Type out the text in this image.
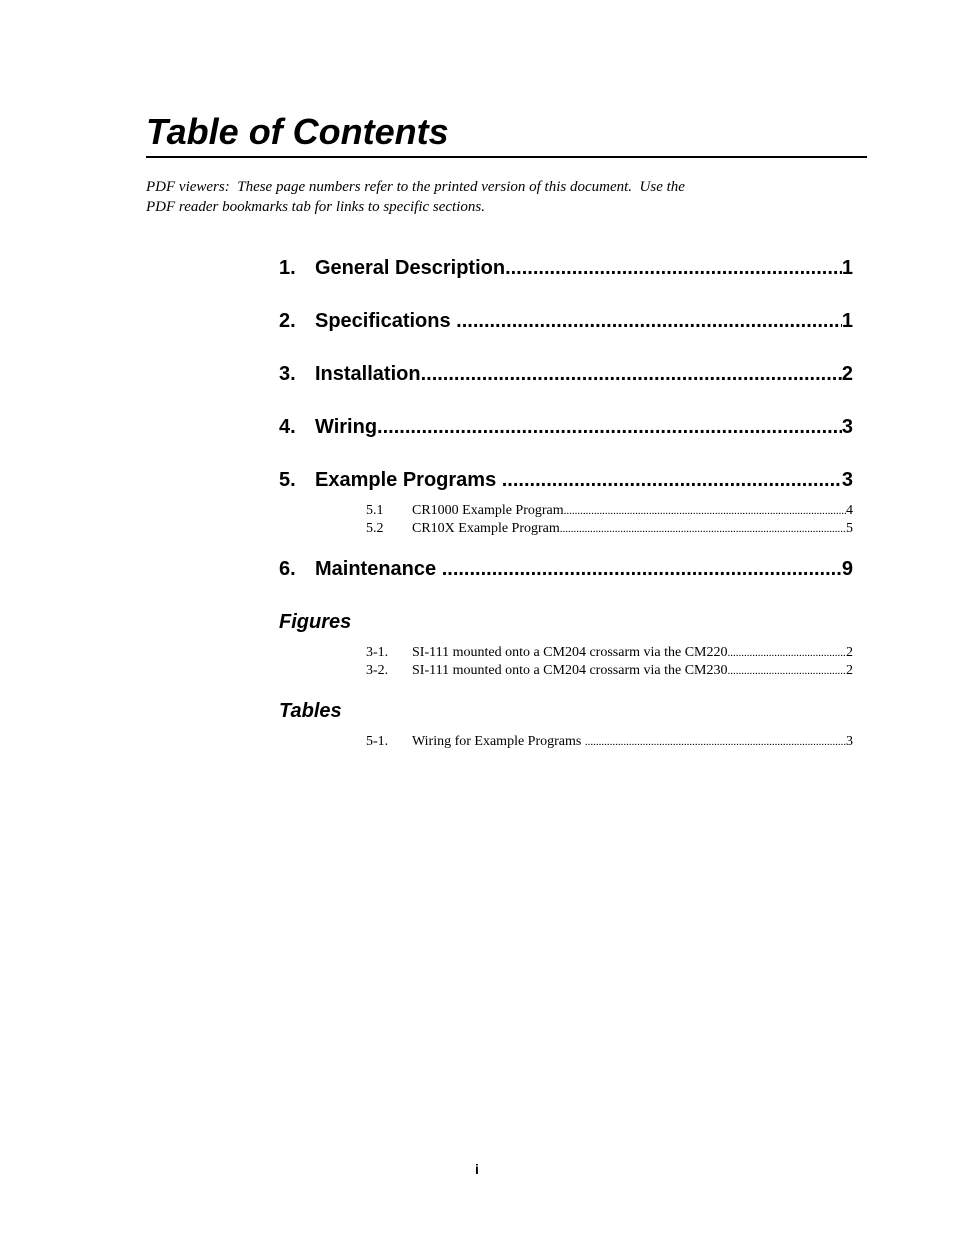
Table of Contents
PDF viewers:  These page numbers refer to the printed version of this document.  Use the
PDF reader bookmarks tab for links to specific sections.
1. General Description .....	1
2. Specifications .....	1
3. Installation .....	2
4. Wiring .....	3
5. Example Programs .....	3
5.1	CR1000 Example Program .....	4
5.2	CR10X Example Program .....	5
6. Maintenance .....	9
Figures
3-1.	SI-111 mounted onto a CM204 crossarm via the CM220 .....	2
3-2.	SI-111 mounted onto a CM204 crossarm via the CM230 .....	2
Tables
5-1.	Wiring for Example Programs .....	3
i
